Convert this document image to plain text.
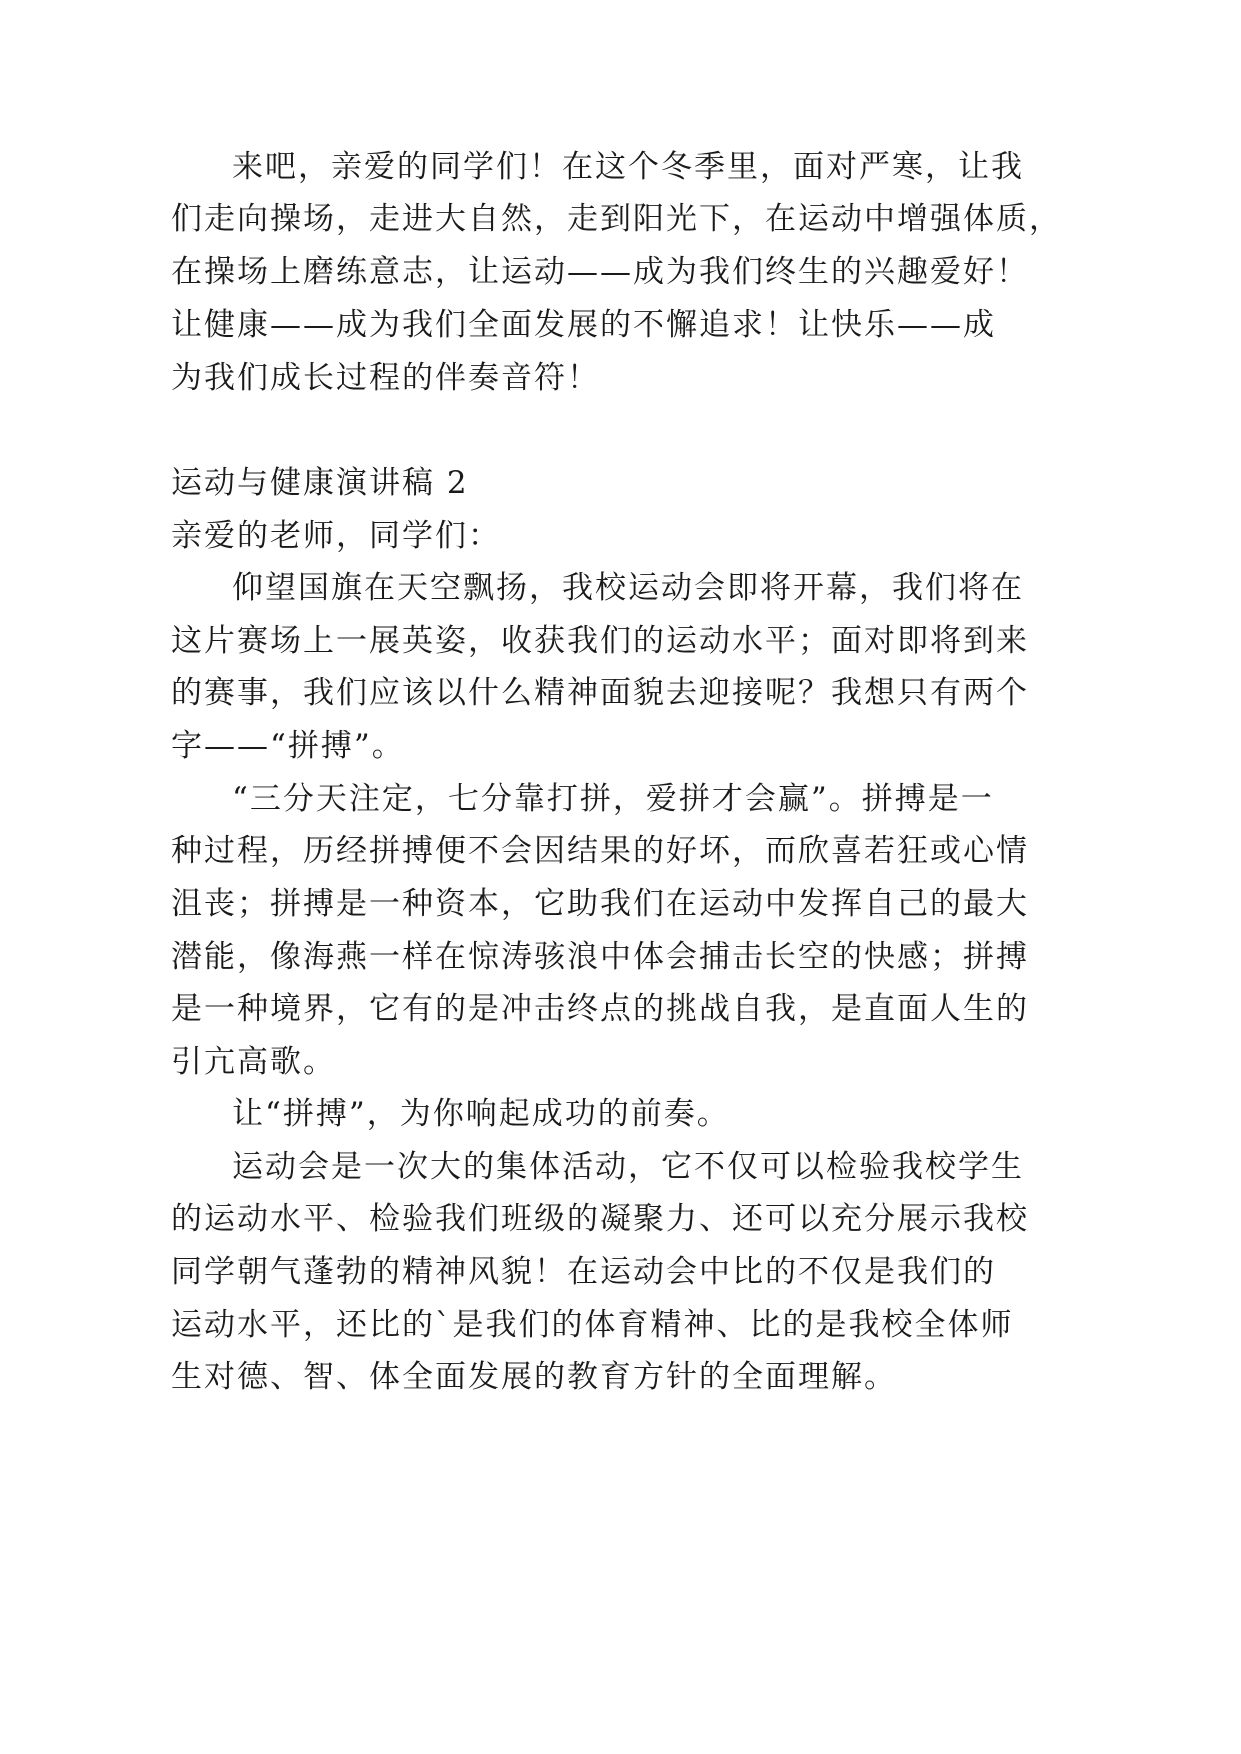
来吧，亲爱的同学们！在这个冬季里，面对严寒，让我
们走向操场，走进大自然，走到阳光下，在运动中增强体质，
在操场上磨练意志，让运动——成为我们终生的兴趣爱好！
让健康——成为我们全面发展的不懈追求！让快乐——成
为我们成长过程的伴奏音符！
运动与健康演讲稿 2
亲爱的老师，同学们：
仰望国旗在天空飘扬，我校运动会即将开幕，我们将在
这片赛场上一展英姿，收获我们的运动水平；面对即将到来
的赛事，我们应该以什么精神面貌去迎接呢？我想只有两个
字——“拼搏”。
“三分天注定，七分靠打拼，爱拼才会赢”。拼搏是一
种过程，历经拼搏便不会因结果的好坏，而欣喜若狂或心情
沮丧；拼搏是一种资本，它助我们在运动中发挥自己的最大
潜能，像海燕一样在惊涛骇浪中体会捕击长空的快感；拼搏
是一种境界，它有的是冲击终点的挑战自我，是直面人生的
引亢高歌。
让“拼搏”，为你响起成功的前奏。
运动会是一次大的集体活动，它不仅可以检验我校学生
的运动水平、检验我们班级的凝聚力、还可以充分展示我校
同学朝气蓬勃的精神风貌！在运动会中比的不仅是我们的
运动水平，还比的`是我们的体育精神、比的是我校全体师
生对德、智、体全面发展的教育方针的全面理解。
